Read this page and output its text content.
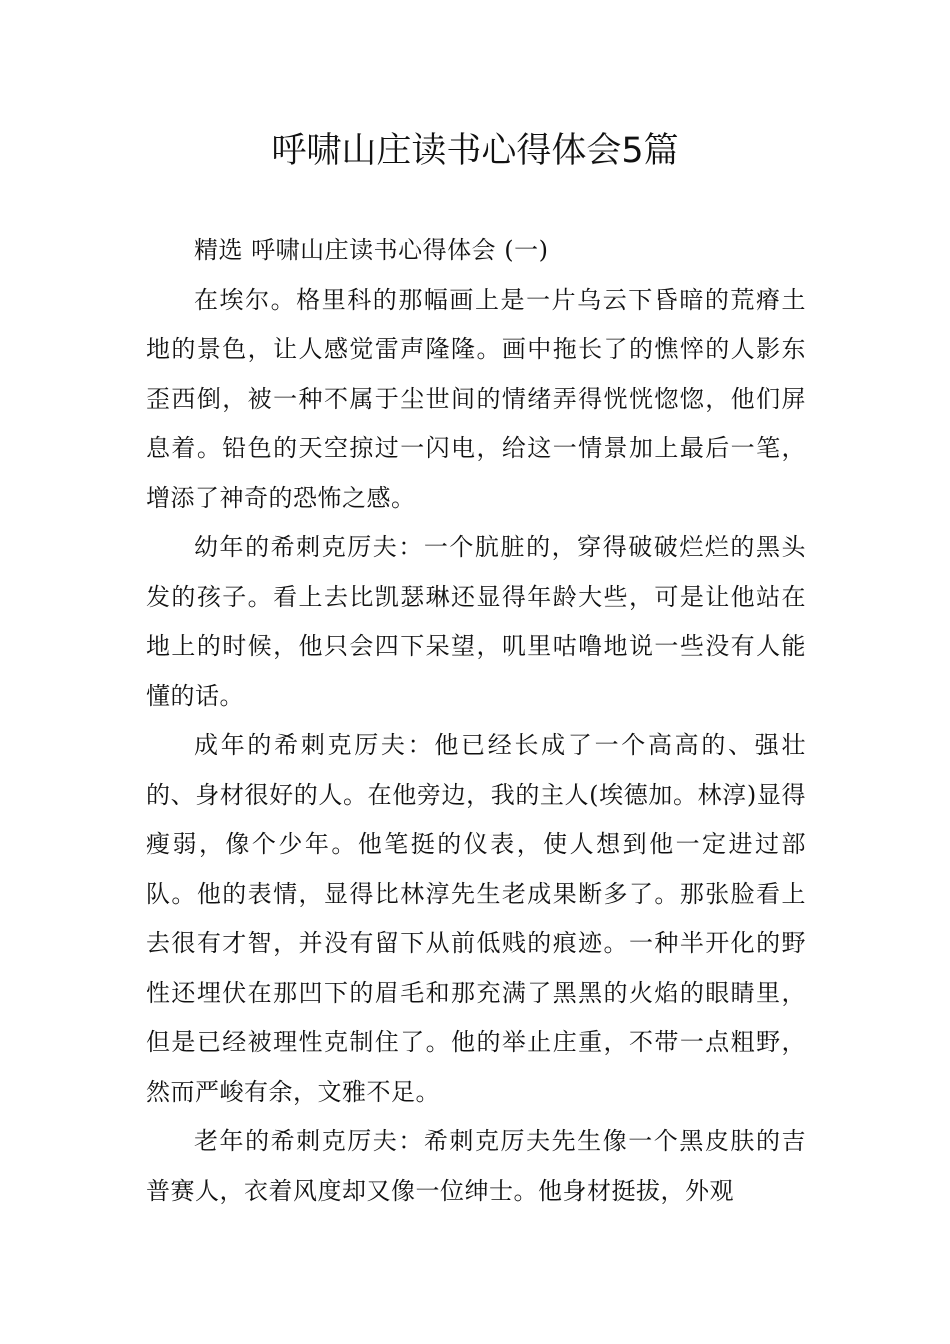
呼啸山庄读书心得体会5篇

精选 呼啸山庄读书心得体会 (一)

在埃尔。格里科的那幅画上是一片乌云下昏暗的荒瘠土地的景色，让人感觉雷声隆隆。画中拖长了的憔悴的人影东歪西倒，被一种不属于尘世间的情绪弄得恍恍惚惚，他们屏息着。铅色的天空掠过一闪电，给这一情景加上最后一笔，增添了神奇的恐怖之感。

幼年的希刺克厉夫：一个肮脏的，穿得破破烂烂的黑头发的孩子。看上去比凯瑟琳还显得年龄大些，可是让他站在地上的时候，他只会四下呆望，叽里咕噜地说一些没有人能懂的话。

成年的希刺克厉夫：他已经长成了一个高高的、强壮的、身材很好的人。在他旁边，我的主人(埃德加。林淳)显得瘦弱，像个少年。他笔挺的仪表，使人想到他一定进过部队。他的表情，显得比林淳先生老成果断多了。那张脸看上去很有才智，并没有留下从前低贱的痕迹。一种半开化的野性还埋伏在那凹下的眉毛和那充满了黑黑的火焰的眼睛里，但是已经被理性克制住了。他的举止庄重，不带一点粗野，然而严峻有余，文雅不足。

老年的希刺克厉夫：希刺克厉夫先生像一个黑皮肤的吉普赛人，衣着风度却又像一位绅士。他身材挺拔，外观
